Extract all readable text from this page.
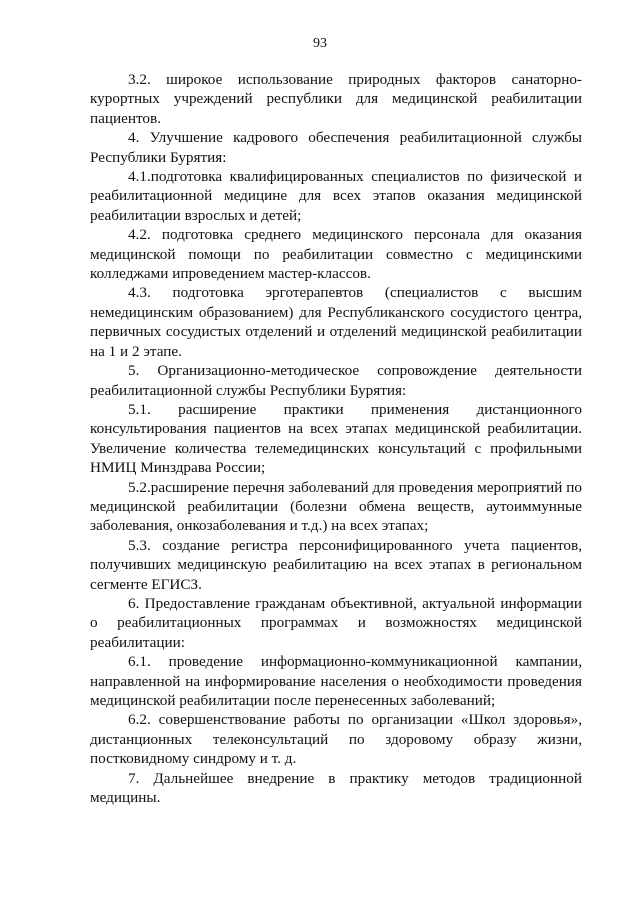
93

3.2. широкое использование природных факторов санаторно-курортных учреждений республики для медицинской реабилитации пациентов.

4. Улучшение кадрового обеспечения реабилитационной службы Республики Бурятия:

4.1.подготовка квалифицированных специалистов по физической и реабилитационной медицине для всех этапов оказания медицинской реабилитации взрослых и детей;

4.2. подготовка среднего медицинского персонала для оказания медицинской помощи по реабилитации совместно с медицинскими колледжами ипроведением мастер-классов.

4.3. подготовка эрготерапевтов (специалистов с высшим немедицинским образованием) для Республиканского сосудистого центра, первичных сосудистых отделений и отделений медицинской реабилитации на 1 и 2 этапе.

5. Организационно-методическое сопровождение деятельности реабилитационной службы Республики Бурятия:

5.1. расширение практики применения дистанционного консультирования пациентов на всех этапах медицинской реабилитации. Увеличение количества телемедицинских консультаций с профильными НМИЦ Минздрава России;

5.2.расширение перечня заболеваний для проведения мероприятий по медицинской реабилитации (болезни обмена веществ, аутоиммунные заболевания, онкозаболевания и т.д.) на всех этапах;

5.3. создание регистра персонифицированного учета пациентов, получивших медицинскую реабилитацию на всех этапах в региональном сегменте ЕГИСЗ.

6. Предоставление гражданам объективной, актуальной информации о реабилитационных программах и возможностях медицинской реабилитации:

6.1. проведение информационно-коммуникационной кампании, направленной на информирование населения о необходимости проведения медицинской реабилитации после перенесенных заболеваний;

6.2. совершенствование работы по организации «Школ здоровья», дистанционных телеконсультаций по здоровому образу жизни, постковидному синдрому и т. д.

7. Дальнейшее внедрение в практику методов традиционной медицины.
